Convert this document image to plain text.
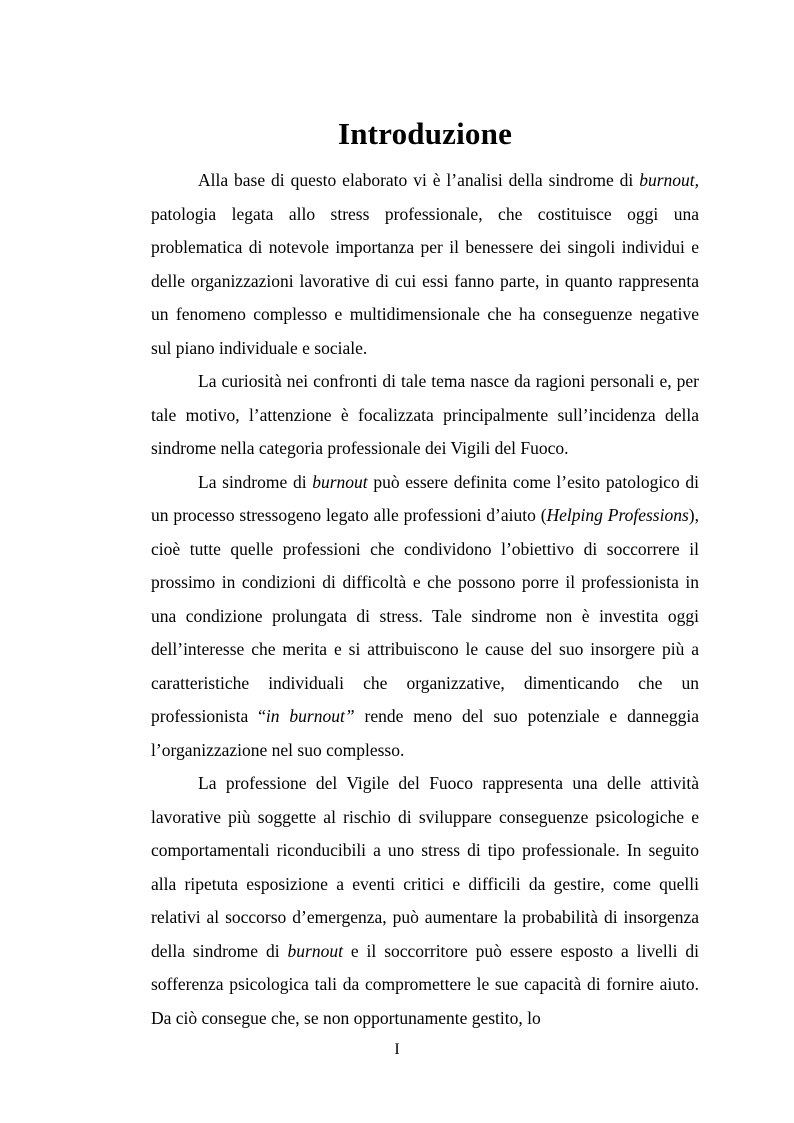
Introduzione

Alla base di questo elaborato vi è l’analisi della sindrome di burnout, patologia legata allo stress professionale, che costituisce oggi una problematica di notevole importanza per il benessere dei singoli individui e delle organizzazioni lavorative di cui essi fanno parte, in quanto rappresenta un fenomeno complesso e multidimensionale che ha conseguenze negative sul piano individuale e sociale.

La curiosità nei confronti di tale tema nasce da ragioni personali e, per tale motivo, l’attenzione è focalizzata principalmente sull’incidenza della sindrome nella categoria professionale dei Vigili del Fuoco.

La sindrome di burnout può essere definita come l’esito patologico di un processo stressogeno legato alle professioni d’aiuto (Helping Professions), cioè tutte quelle professioni che condividono l’obiettivo di soccorrere il prossimo in condizioni di difficoltà e che possono porre il professionista in una condizione prolungata di stress. Tale sindrome non è investita oggi dell’interesse che merita e si attribuiscono le cause del suo insorgere più a caratteristiche individuali che organizzative, dimenticando che un professionista “in burnout” rende meno del suo potenziale e danneggia l’organizzazione nel suo complesso.

La professione del Vigile del Fuoco rappresenta una delle attività lavorative più soggette al rischio di sviluppare conseguenze psicologiche e comportamentali riconducibili a uno stress di tipo professionale. In seguito alla ripetuta esposizione a eventi critici e difficili da gestire, come quelli relativi al soccorso d’emergenza, può aumentare la probabilità di insorgenza della sindrome di burnout e il soccorritore può essere esposto a livelli di sofferenza psicologica tali da compromettere le sue capacità di fornire aiuto. Da ciò consegue che, se non opportunamente gestito, lo

I
